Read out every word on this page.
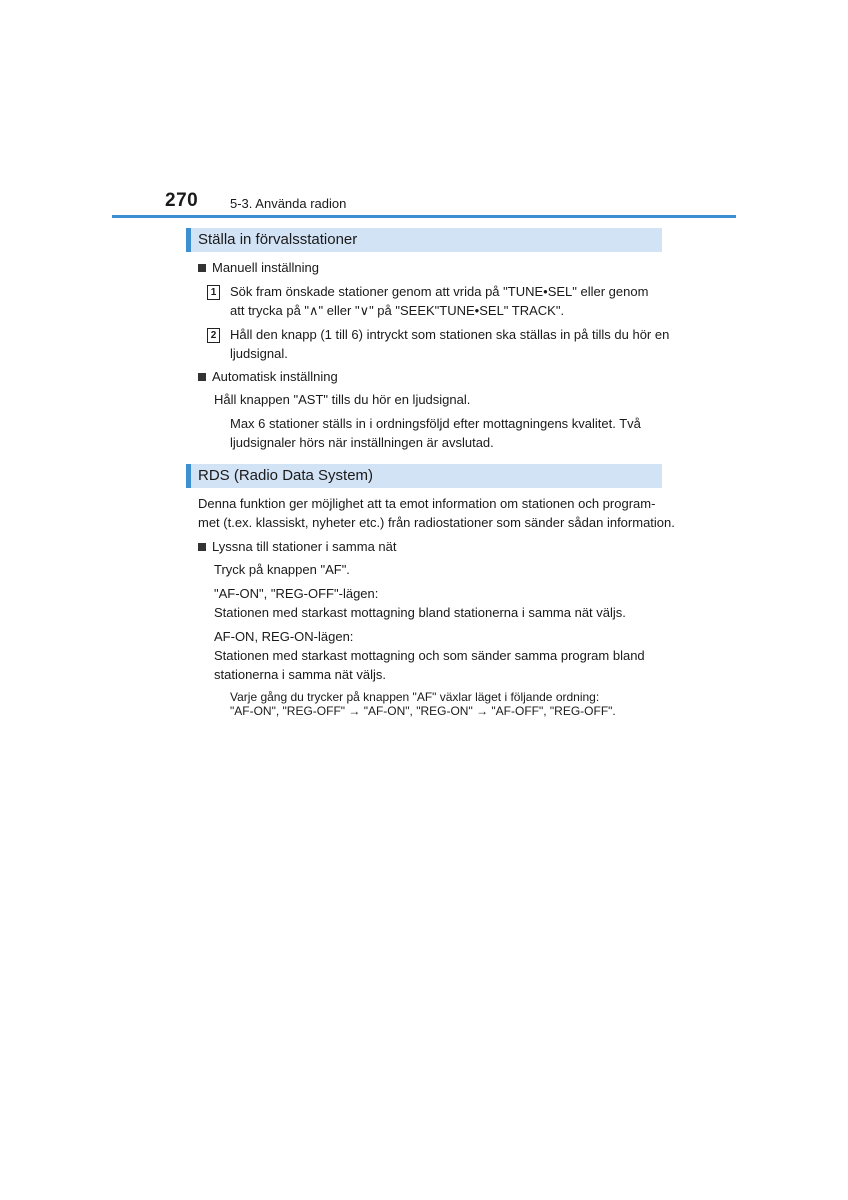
270 5-3. Använda radion
Ställa in förvalsstationer
Manuell inställning
1 Sök fram önskade stationer genom att vrida på "TUNE•SEL" eller genom
att trycka på "∧" eller "∨" på "SEEK"TUNE•SEL" TRACK".
2 Håll den knapp (1 till 6) intryckt som stationen ska ställas in på tills du hör en
ljudsignal.
Automatisk inställning
Håll knappen "AST" tills du hör en ljudsignal.
Max 6 stationer ställs in i ordningsföljd efter mottagningens kvalitet. Två
ljudsignaler hörs när inställningen är avslutad.
RDS (Radio Data System)
Denna funktion ger möjlighet att ta emot information om stationen och program-
met (t.ex. klassiskt, nyheter etc.) från radiostationer som sänder sådan information.
Lyssna till stationer i samma nät
Tryck på knappen "AF".
"AF-ON", "REG-OFF"-lägen:
Stationen med starkast mottagning bland stationerna i samma nät väljs.
AF-ON, REG-ON-lägen:
Stationen med starkast mottagning och som sänder samma program bland
stationerna i samma nät väljs.
Varje gång du trycker på knappen "AF" växlar läget i följande ordning:
"AF-ON", "REG-OFF" → "AF-ON", "REG-ON" → "AF-OFF", "REG-OFF".
